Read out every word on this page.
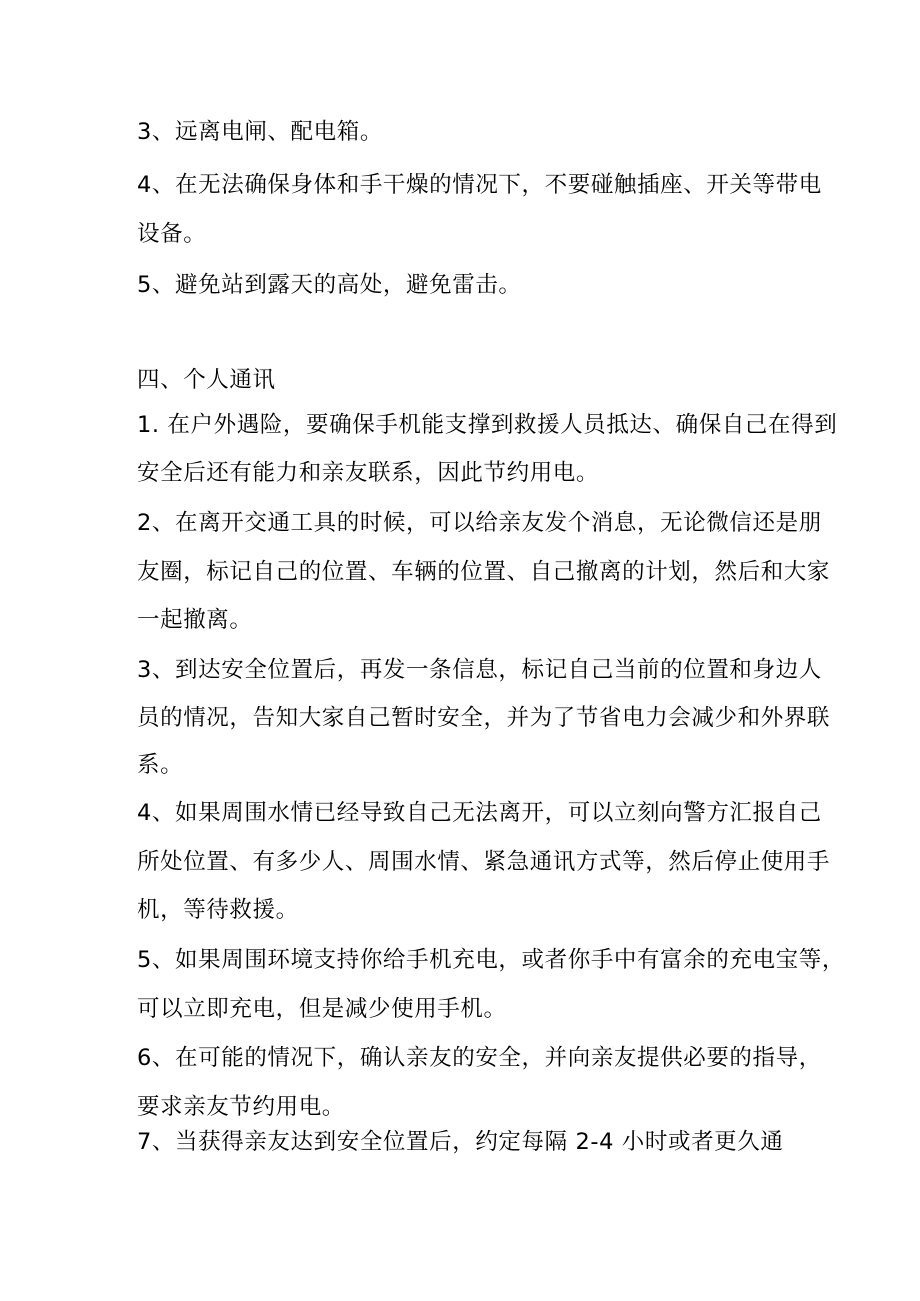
3、远离电闸、配电箱。
4、在无法确保身体和手干燥的情况下，不要碰触插座、开关等带电
设备。
5、避免站到露天的高处，避免雷击。
四、个人通讯
1. 在户外遇险，要确保手机能支撑到救援人员抵达、确保自己在得到
安全后还有能力和亲友联系，因此节约用电。
2、在离开交通工具的时候，可以给亲友发个消息，无论微信还是朋
友圈，标记自己的位置、车辆的位置、自己撤离的计划，然后和大家
一起撤离。
3、到达安全位置后，再发一条信息，标记自己当前的位置和身边人
员的情况，告知大家自己暂时安全，并为了节省电力会减少和外界联
系。
4、如果周围水情已经导致自己无法离开，可以立刻向警方汇报自己
所处位置、有多少人、周围水情、紧急通讯方式等，然后停止使用手
机，等待救援。
5、如果周围环境支持你给手机充电，或者你手中有富余的充电宝等，
可以立即充电，但是减少使用手机。
6、在可能的情况下，确认亲友的安全，并向亲友提供必要的指导，
要求亲友节约用电。
7、当获得亲友达到安全位置后，约定每隔 2-4 小时或者更久通
